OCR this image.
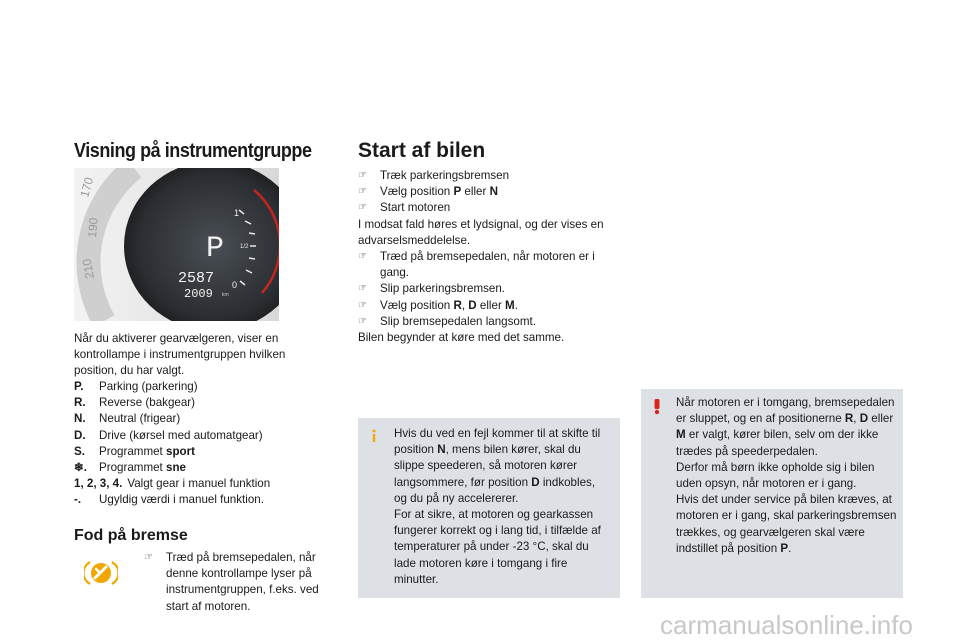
Visning på instrumentgruppe
1
1/2
0
P
2587
2009 km
170
190
210
Når du aktiverer gearvælgeren, viser en kontrollampe i instrumentgruppen hvilken position, du har valgt.
P.	Parking (parkering)
R.	Reverse (bakgear)
N.	Neutral (frigear)
D.	Drive (kørsel med automatgear)
S.	Programmet sport
❄.	Programmet sne
1, 2, 3, 4. Valgt gear i manuel funktion
-.	Ugyldig værdi i manuel funktion.
Fod på bremse
☞	Træd på bremsepedalen, når denne kontrollampe lyser på instrumentgruppen, f.eks. ved start af motoren.
Start af bilen
☞	Træk parkeringsbremsen
☞	Vælg position P eller N
☞	Start motoren
I modsat fald høres et lydsignal, og der vises en advarselsmeddelelse.
☞	Træd på bremsepedalen, når motoren er i gang.
☞	Slip parkeringsbremsen.
☞	Vælg position R, D eller M.
☞	Slip bremsepedalen langsomt.
Bilen begynder at køre med det samme.
Hvis du ved en fejl kommer til at skifte til position N, mens bilen kører, skal du slippe speederen, så motoren kører langsommere, før position D indkobles, og du på ny accelererer.
For at sikre, at motoren og gearkassen fungerer korrekt og i lang tid, i tilfælde af temperaturer på under -23 °C, skal du lade motoren køre i tomgang i fire minutter.
Når motoren er i tomgang, bremsepedalen er sluppet, og en af positionerne R, D eller M er valgt, kører bilen, selv om der ikke trædes på speederpedalen.
Derfor må børn ikke opholde sig i bilen uden opsyn, når motoren er i gang.
Hvis det under service på bilen kræves, at motoren er i gang, skal parkeringsbremsen trækkes, og gearvælgeren skal være indstillet på position P.
carmanualsonline.info
